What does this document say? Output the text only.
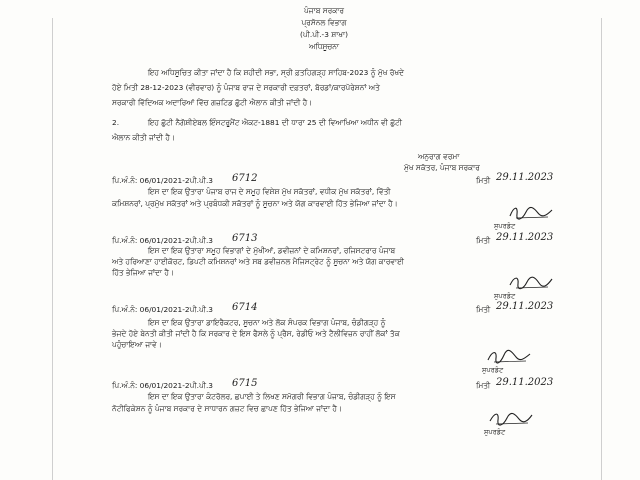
ਪੰਜਾਬ ਸਰਕਾਰ
ਪ੍ਰਸੋਨਲ ਵਿਭਾਗ
(ਪੀ.ਪੀ.-3 ਸ਼ਾਖਾ)
ਅਧਿਸੂਚਨਾ
ਇਹ ਅਧਿਸੂਚਿਤ ਕੀਤਾ ਜਾਂਦਾ ਹੈ ਕਿ ਸ਼ਹੀਦੀ ਸਭਾ, ਸ੍ਰੀ ਫ਼ਤਹਿਗੜ੍ਹ ਸਾਹਿਬ-2023 ਨੂੰ ਮੁੱਖ ਰੱਖਦੇ
ਹੋਏ ਮਿਤੀ 28-12-2023 (ਵੀਰਵਾਰ) ਨੂੰ ਪੰਜਾਬ ਰਾਜ ਦੇ ਸਰਕਾਰੀ ਦਫ਼ਤਰਾਂ, ਬੋਰਡਾਂ/ਕਾਰਪੋਰੇਸ਼ਨਾਂ ਅਤੇ
ਸਰਕਾਰੀ ਵਿੱਦਿਅਕ ਅਦਾਰਿਆਂ ਵਿੱਚ ਗਜ਼ਟਿਡ ਛੁੱਟੀ ਐਲਾਨ ਕੀਤੀ ਜਾਂਦੀ ਹੈ।
2.	ਇਹ ਛੁੱਟੀ ਨੈਗੋਸ਼ੀਏਬਲ ਇੰਸਟਰੂਮੈਂਟ ਐਕਟ-1881 ਦੀ ਧਾਰਾ 25 ਦੀ ਵਿਆਖਿਆ ਅਧੀਨ ਵੀ ਛੁੱਟੀ
ਐਲਾਨ ਕੀਤੀ ਜਾਂਦੀ ਹੈ।
ਅਨੁਰਾਗ ਵਰਮਾ
ਮੁੱਖ ਸਕੱਤਰ, ਪੰਜਾਬ ਸਰਕਾਰ
ਪਿ.ਅੰ.ਨੰ: 06/01/2021-2ਪੀ.ਪੀ.3 6712	ਮਿਤੀ 29.11.2023
ਇਸ ਦਾ ਇਕ ਉਤਾਰਾ ਪੰਜਾਬ ਰਾਜ ਦੇ ਸਮੂਹ ਵਿਸ਼ੇਸ਼ ਮੁੱਖ ਸਕੱਤਰਾਂ, ਵਧੀਕ ਮੁੱਖ ਸਕੱਤਰਾਂ, ਵਿੱਤੀ
ਕਮਿਸ਼ਨਰਾਂ, ਪ੍ਰਮੁੱਖ ਸਕੱਤਰਾਂ ਅਤੇ ਪ੍ਰਬੰਧਕੀ ਸਕੱਤਰਾਂ ਨੂੰ ਸੂਚਨਾ ਅਤੇ ਯੋਗ ਕਾਰਵਾਈ ਹਿੱਤ ਭੇਜਿਆ ਜਾਂਦਾ ਹੈ।
ਸੁਪਰਡੰਟ
ਪਿ.ਅੰ.ਨੰ: 06/01/2021-2ਪੀ.ਪੀ.3 6713	ਮਿਤੀ 29.11.2023
ਇਸ ਦਾ ਇਕ ਉਤਾਰਾ ਸਮੂਹ ਵਿਭਾਗਾਂ ਦੇ ਮੁੱਖੀਆਂ, ਡਵੀਜ਼ਨਾਂ ਦੇ ਕਮਿਸ਼ਨਰਾਂ, ਰਜਿਸਟਰਾਰ ਪੰਜਾਬ
ਅਤੇ ਹਰਿਆਣਾ ਹਾਈਕੋਰਟ, ਡਿਪਟੀ ਕਮਿਸ਼ਨਰਾਂ ਅਤੇ ਸਬ ਡਵੀਜ਼ਨਲ ਮੈਜਿਸਟ੍ਰੇਟ ਨੂੰ ਸੂਚਨਾ ਅਤੇ ਯੋਗ ਕਾਰਵਾਈ
ਹਿੱਤ ਭੇਜਿਆ ਜਾਂਦਾ ਹੈ।
ਸੁਪਰਡੰਟ
ਪਿ.ਅੰ.ਨੰ: 06/01/2021-2ਪੀ.ਪੀ.3 6714	ਮਿਤੀ 29.11.2023
ਇਸ ਦਾ ਇਕ ਉਤਾਰਾ ਡਾਇਰੈਕਟਰ, ਸੂਚਨਾ ਅਤੇ ਲੋਕ ਸੰਪਰਕ ਵਿਭਾਗ ਪੰਜਾਬ, ਚੰਡੀਗੜ੍ਹ ਨੂੰ
ਭੇਜਦੇ ਹੋਏ ਬੇਨਤੀ ਕੀਤੀ ਜਾਂਦੀ ਹੈ ਕਿ ਸਰਕਾਰ ਦੇ ਇਸ ਫੈਸਲੇ ਨੂੰ ਪ੍ਰੈਸ, ਰੇਡੀਓ ਅਤੇ ਟੈਲੀਵਿਜ਼ਨ ਰਾਹੀਂ ਲੋਕਾਂ ਤੱਕ
ਪਹੁੰਚਾਇਆ ਜਾਵੇ।
ਸੁਪਰਡੰਟ
ਪਿ.ਅੰ.ਨੰ: 06/01/2021-2ਪੀ.ਪੀ.3 6715	ਮਿਤੀ 29.11.2023
ਇਸ ਦਾ ਇਕ ਉਤਾਰਾ ਕੰਟਰੋਲਰ, ਛਪਾਈ ਤੇ ਲਿਖਣ ਸਮੱਗਰੀ ਵਿਭਾਗ ਪੰਜਾਬ, ਚੰਡੀਗੜ੍ਹ ਨੂੰ ਇਸ
ਨੋਟੀਫਿਕੇਸ਼ਨ ਨੂੰ ਪੰਜਾਬ ਸਰਕਾਰ ਦੇ ਸਾਧਾਰਨ ਗਜ਼ਟ ਵਿਚ ਛਾਪਣ ਹਿੱਤ ਭੇਜਿਆ ਜਾਂਦਾ ਹੈ।
ਸੁਪਰਡੰਟ
